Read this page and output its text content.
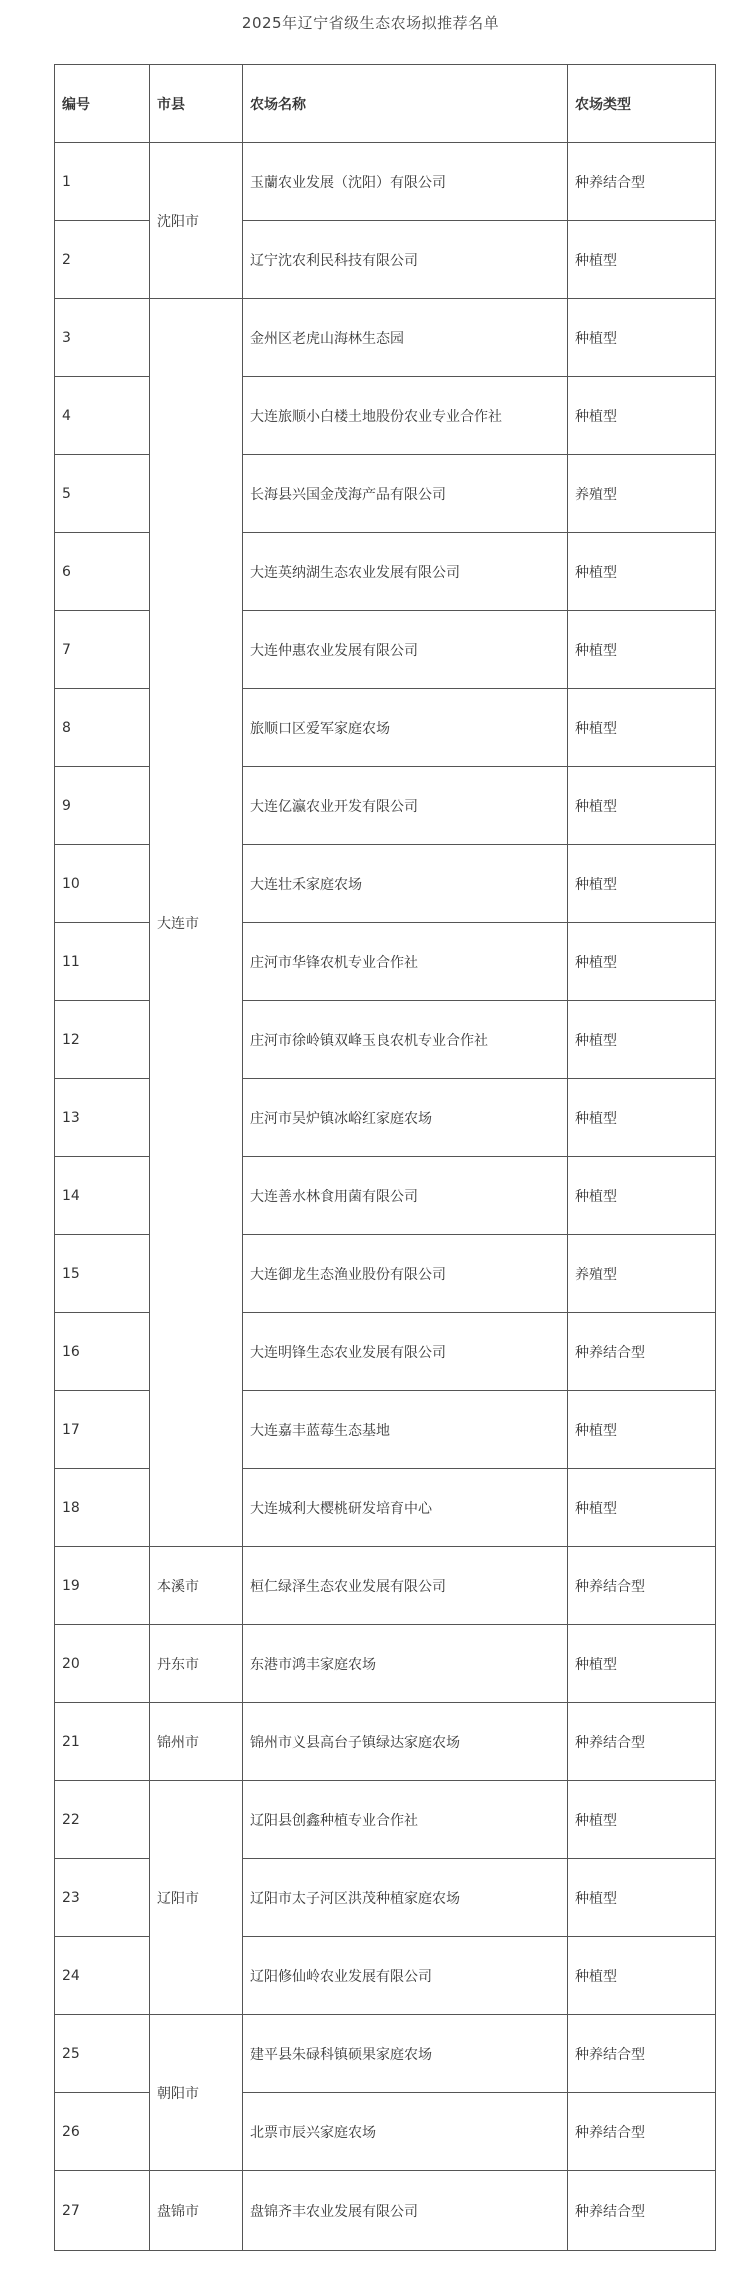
2025年辽宁省级生态农场拟推荐名单
编号	市县	农场名称	农场类型
1	沈阳市	玉蘭农业发展（沈阳）有限公司	种养结合型
2		辽宁沈农利民科技有限公司	种植型
3	大连市	金州区老虎山海林生态园	种植型
4		大连旅顺小白楼土地股份农业专业合作社	种植型
5		长海县兴国金茂海产品有限公司	养殖型
6		大连英纳湖生态农业发展有限公司	种植型
7		大连仲惠农业发展有限公司	种植型
8		旅顺口区爱军家庭农场	种植型
9		大连亿瀛农业开发有限公司	种植型
10		大连壮禾家庭农场	种植型
11		庄河市华锋农机专业合作社	种植型
12		庄河市徐岭镇双峰玉良农机专业合作社	种植型
13		庄河市吴炉镇冰峪红家庭农场	种植型
14		大连善水林食用菌有限公司	种植型
15		大连御龙生态渔业股份有限公司	养殖型
16		大连明锋生态农业发展有限公司	种养结合型
17		大连嘉丰蓝莓生态基地	种植型
18		大连城利大樱桃研发培育中心	种植型
19	本溪市	桓仁绿泽生态农业发展有限公司	种养结合型
20	丹东市	东港市鸿丰家庭农场	种植型
21	锦州市	锦州市义县高台子镇绿达家庭农场	种养结合型
22	辽阳市	辽阳县创鑫种植专业合作社	种植型
23		辽阳市太子河区洪茂种植家庭农场	种植型
24		辽阳修仙岭农业发展有限公司	种植型
25	朝阳市	建平县朱碌科镇硕果家庭农场	种养结合型
26		北票市辰兴家庭农场	种养结合型
27	盘锦市	盘锦齐丰农业发展有限公司	种养结合型
